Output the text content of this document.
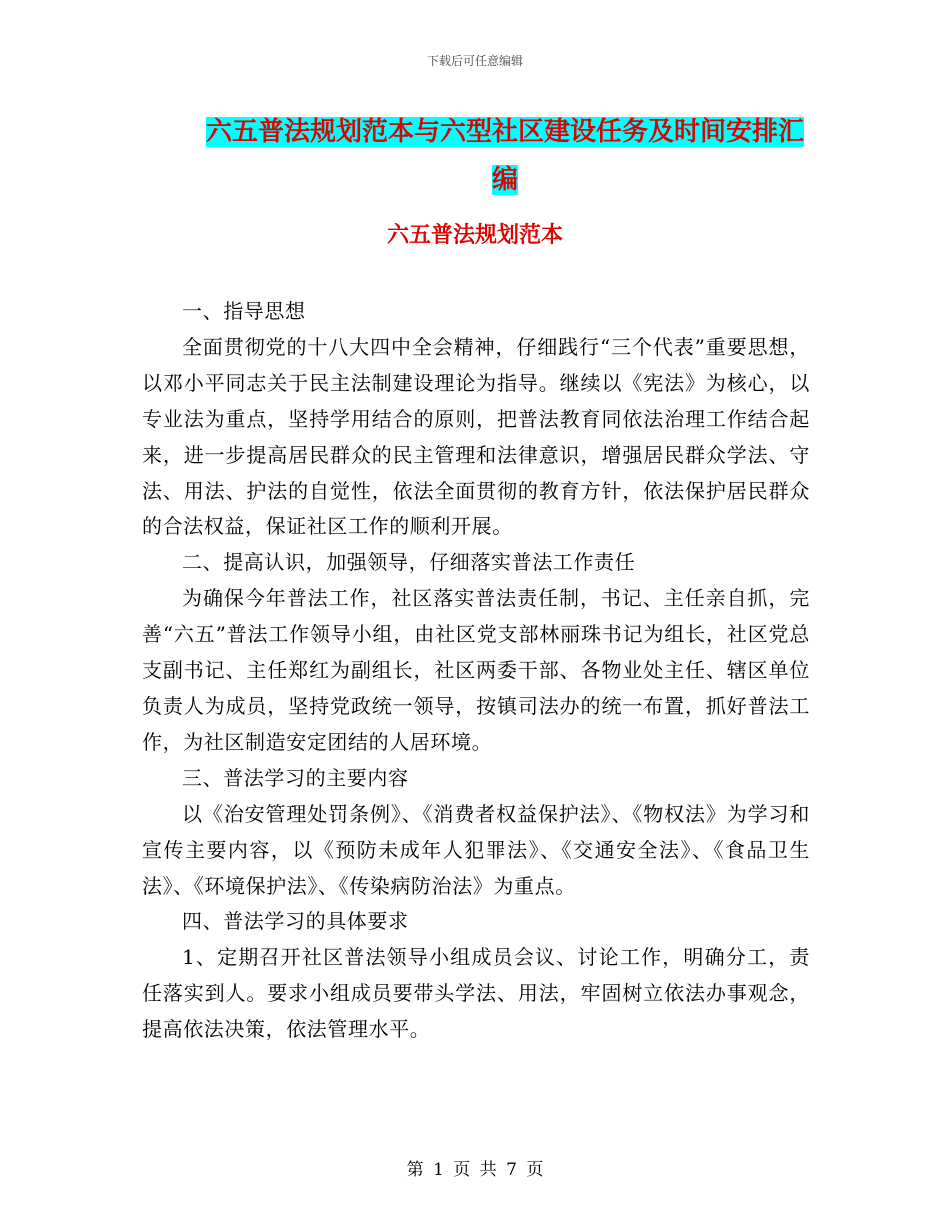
下载后可任意编辑
六五普法规划范本与六型社区建设任务及时间安排汇编
六五普法规划范本

一、指导思想

全面贯彻党的十八大四中全会精神，仔细践行“三个代表”重要思想，以邓小平同志关于民主法制建设理论为指导。继续以《宪法》为核心，以专业法为重点，坚持学用结合的原则，把普法教育同依法治理工作结合起来，进一步提高居民群众的民主管理和法律意识，增强居民群众学法、守法、用法、护法的自觉性，依法全面贯彻的教育方针，依法保护居民群众的合法权益，保证社区工作的顺利开展。

二、提高认识，加强领导，仔细落实普法工作责任

为确保今年普法工作，社区落实普法责任制，书记、主任亲自抓，完善“六五”普法工作领导小组，由社区党支部林丽珠书记为组长，社区党总支副书记、主任郑红为副组长，社区两委干部、各物业处主任、辖区单位负责人为成员，坚持党政统一领导，按镇司法办的统一布置，抓好普法工作，为社区制造安定团结的人居环境。

三、普法学习的主要内容

以《治安管理处罚条例》、《消费者权益保护法》、《物权法》为学习和宣传主要内容，以《预防未成年人犯罪法》、《交通安全法》、《食品卫生法》、《环境保护法》、《传染病防治法》为重点。

四、普法学习的具体要求

1、定期召开社区普法领导小组成员会议、讨论工作，明确分工，责任落实到人。要求小组成员要带头学法、用法，牢固树立依法办事观念，提高依法决策，依法管理水平。

第 1 页 共 7 页
